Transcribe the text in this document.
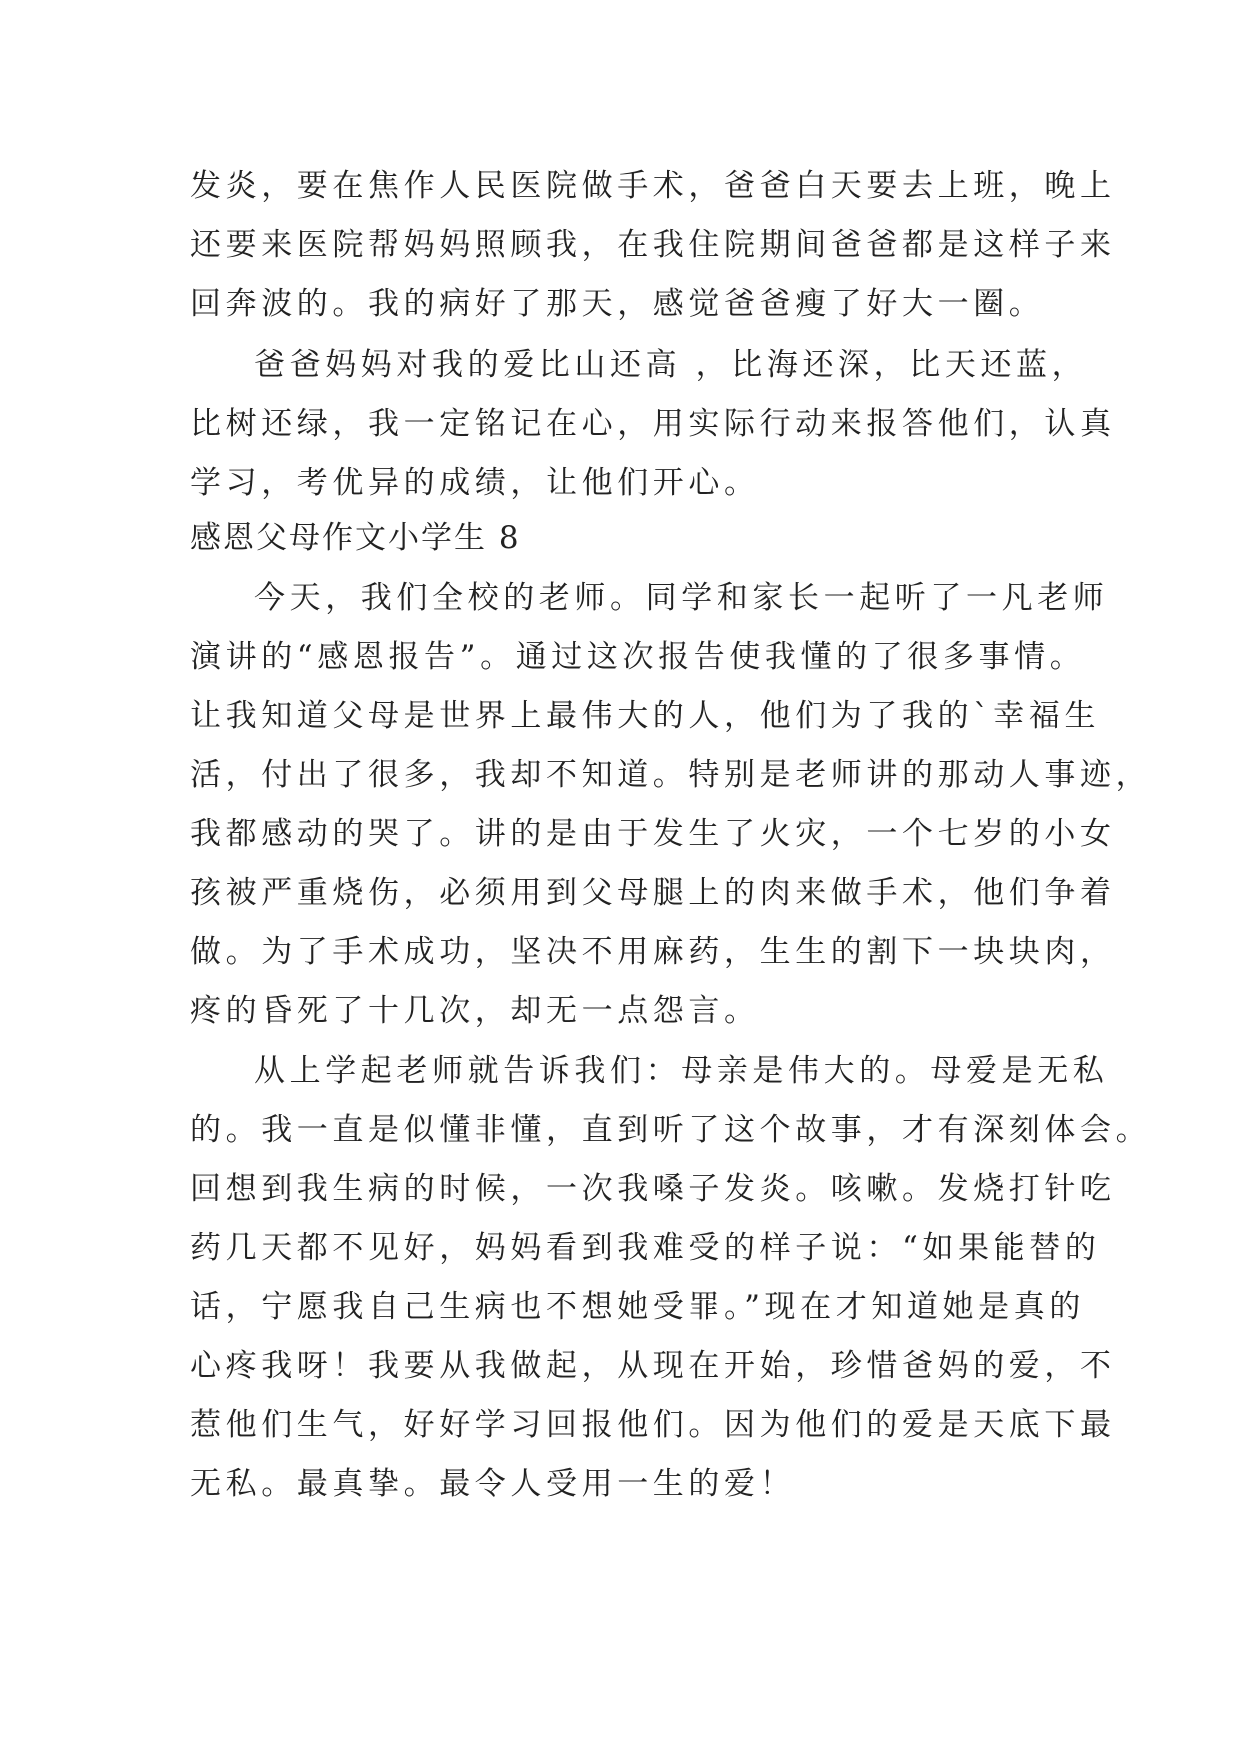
发炎，要在焦作人民医院做手术，爸爸白天要去上班，晚上
还要来医院帮妈妈照顾我，在我住院期间爸爸都是这样子来
回奔波的。我的病好了那天，感觉爸爸瘦了好大一圈。
爸爸妈妈对我的爱比山还高 ，比海还深，比天还蓝，
比树还绿，我一定铭记在心，用实际行动来报答他们，认真
学习，考优异的成绩，让他们开心。
感恩父母作文小学生 8
今天，我们全校的老师。同学和家长一起听了一凡老师
演讲的“感恩报告”。通过这次报告使我懂的了很多事情。
让我知道父母是世界上最伟大的人，他们为了我的`幸福生
活，付出了很多，我却不知道。特别是老师讲的那动人事迹，
我都感动的哭了。讲的是由于发生了火灾，一个七岁的小女
孩被严重烧伤，必须用到父母腿上的肉来做手术，他们争着
做。为了手术成功，坚决不用麻药，生生的割下一块块肉，
疼的昏死了十几次，却无一点怨言。
从上学起老师就告诉我们：母亲是伟大的。母爱是无私
的。我一直是似懂非懂，直到听了这个故事，才有深刻体会。
回想到我生病的时候，一次我嗓子发炎。咳嗽。发烧打针吃
药几天都不见好，妈妈看到我难受的样子说：“如果能替的
话，宁愿我自己生病也不想她受罪。”现在才知道她是真的
心疼我呀！我要从我做起，从现在开始，珍惜爸妈的爱，不
惹他们生气，好好学习回报他们。因为他们的爱是天底下最
无私。最真挚。最令人受用一生的爱！
